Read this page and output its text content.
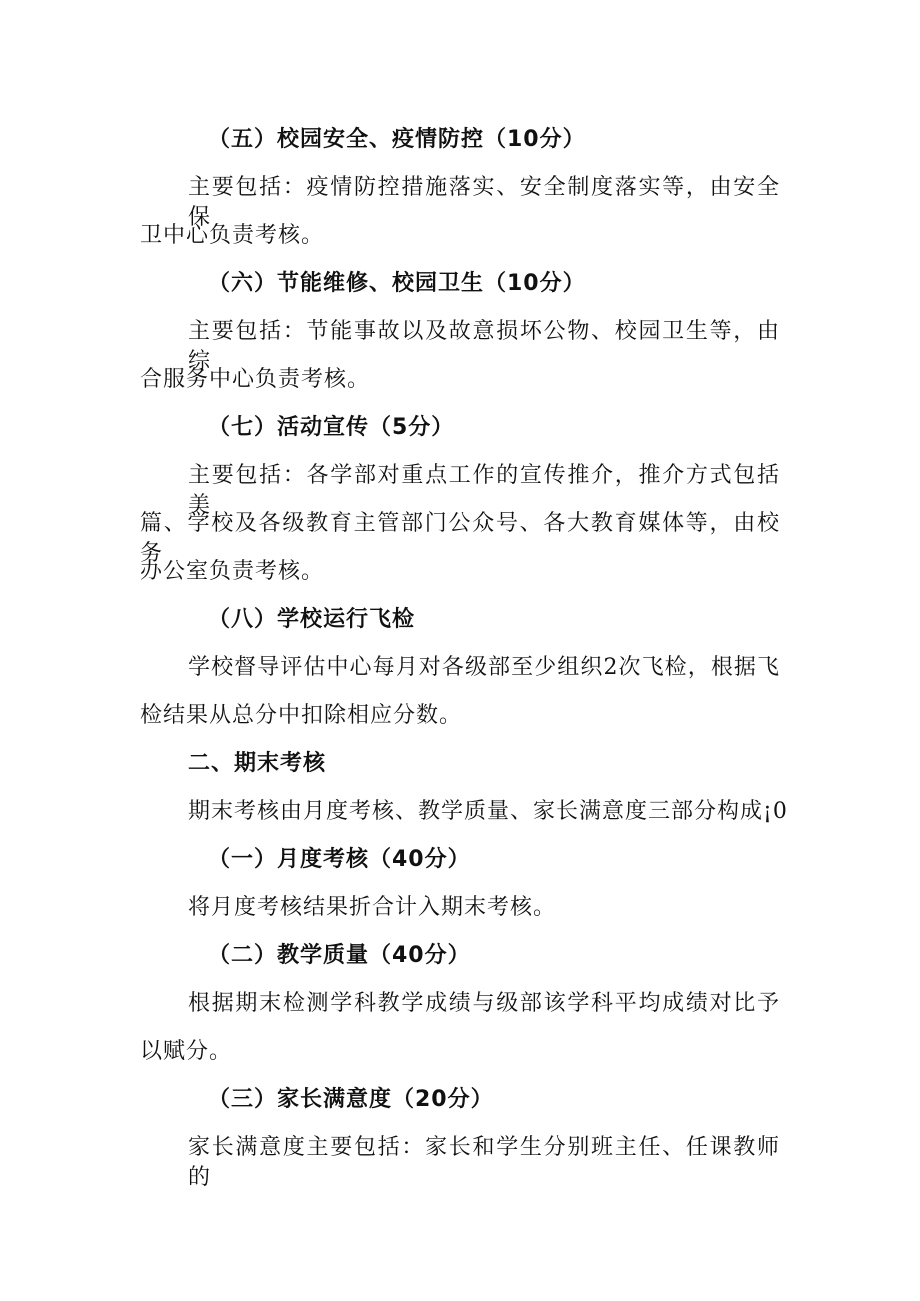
（五）校园安全、疫情防控（10分）
主要包括：疫情防控措施落实、安全制度落实等，由安全保
卫中心负责考核。
（六）节能维修、校园卫生（10分）
主要包括：节能事故以及故意损坏公物、校园卫生等，由综
合服务中心负责考核。
（七）活动宣传（5分）
主要包括：各学部对重点工作的宣传推介，推介方式包括美
篇、学校及各级教育主管部门公众号、各大教育媒体等，由校务
办公室负责考核。
（八）学校运行飞检
学校督导评估中心每月对各级部至少组织2次飞检，根据飞
检结果从总分中扣除相应分数。
二、期末考核
期末考核由月度考核、教学质量、家长满意度三部分构成¡0
（一）月度考核（40分）
将月度考核结果折合计入期末考核。
（二）教学质量（40分）
根据期末检测学科教学成绩与级部该学科平均成绩对比予
以赋分。
（三）家长满意度（20分）
家长满意度主要包括：家长和学生分别班主任、任课教师的
